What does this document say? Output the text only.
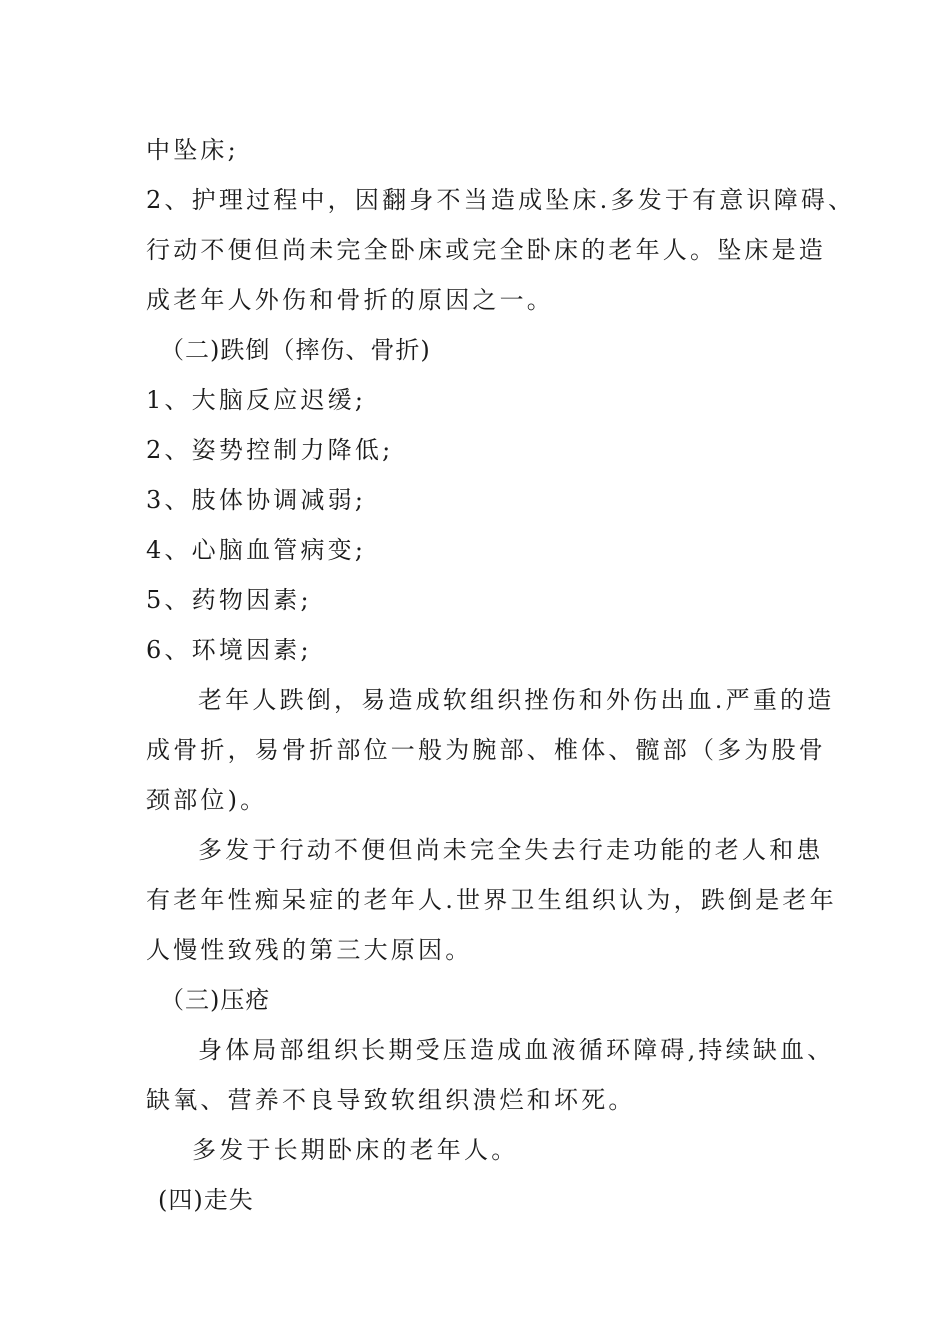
中坠床;
2、护理过程中，因翻身不当造成坠床.多发于有意识障碍、
行动不便但尚未完全卧床或完全卧床的老年人。坠床是造
成老年人外伤和骨折的原因之一。
（二)跌倒（摔伤、骨折)
1、大脑反应迟缓;
2、姿势控制力降低;
3、肢体协调减弱;
4、心脑血管病变;
5、药物因素;
6、环境因素;
老年人跌倒，易造成软组织挫伤和外伤出血.严重的造
成骨折，易骨折部位一般为腕部、椎体、髋部（多为股骨
颈部位)。
多发于行动不便但尚未完全失去行走功能的老人和患
有老年性痴呆症的老年人.世界卫生组织认为，跌倒是老年
人慢性致残的第三大原因。
（三)压疮
身体局部组织长期受压造成血液循环障碍,持续缺血、
缺氧、营养不良导致软组织溃烂和坏死。
多发于长期卧床的老年人。
(四)走失
